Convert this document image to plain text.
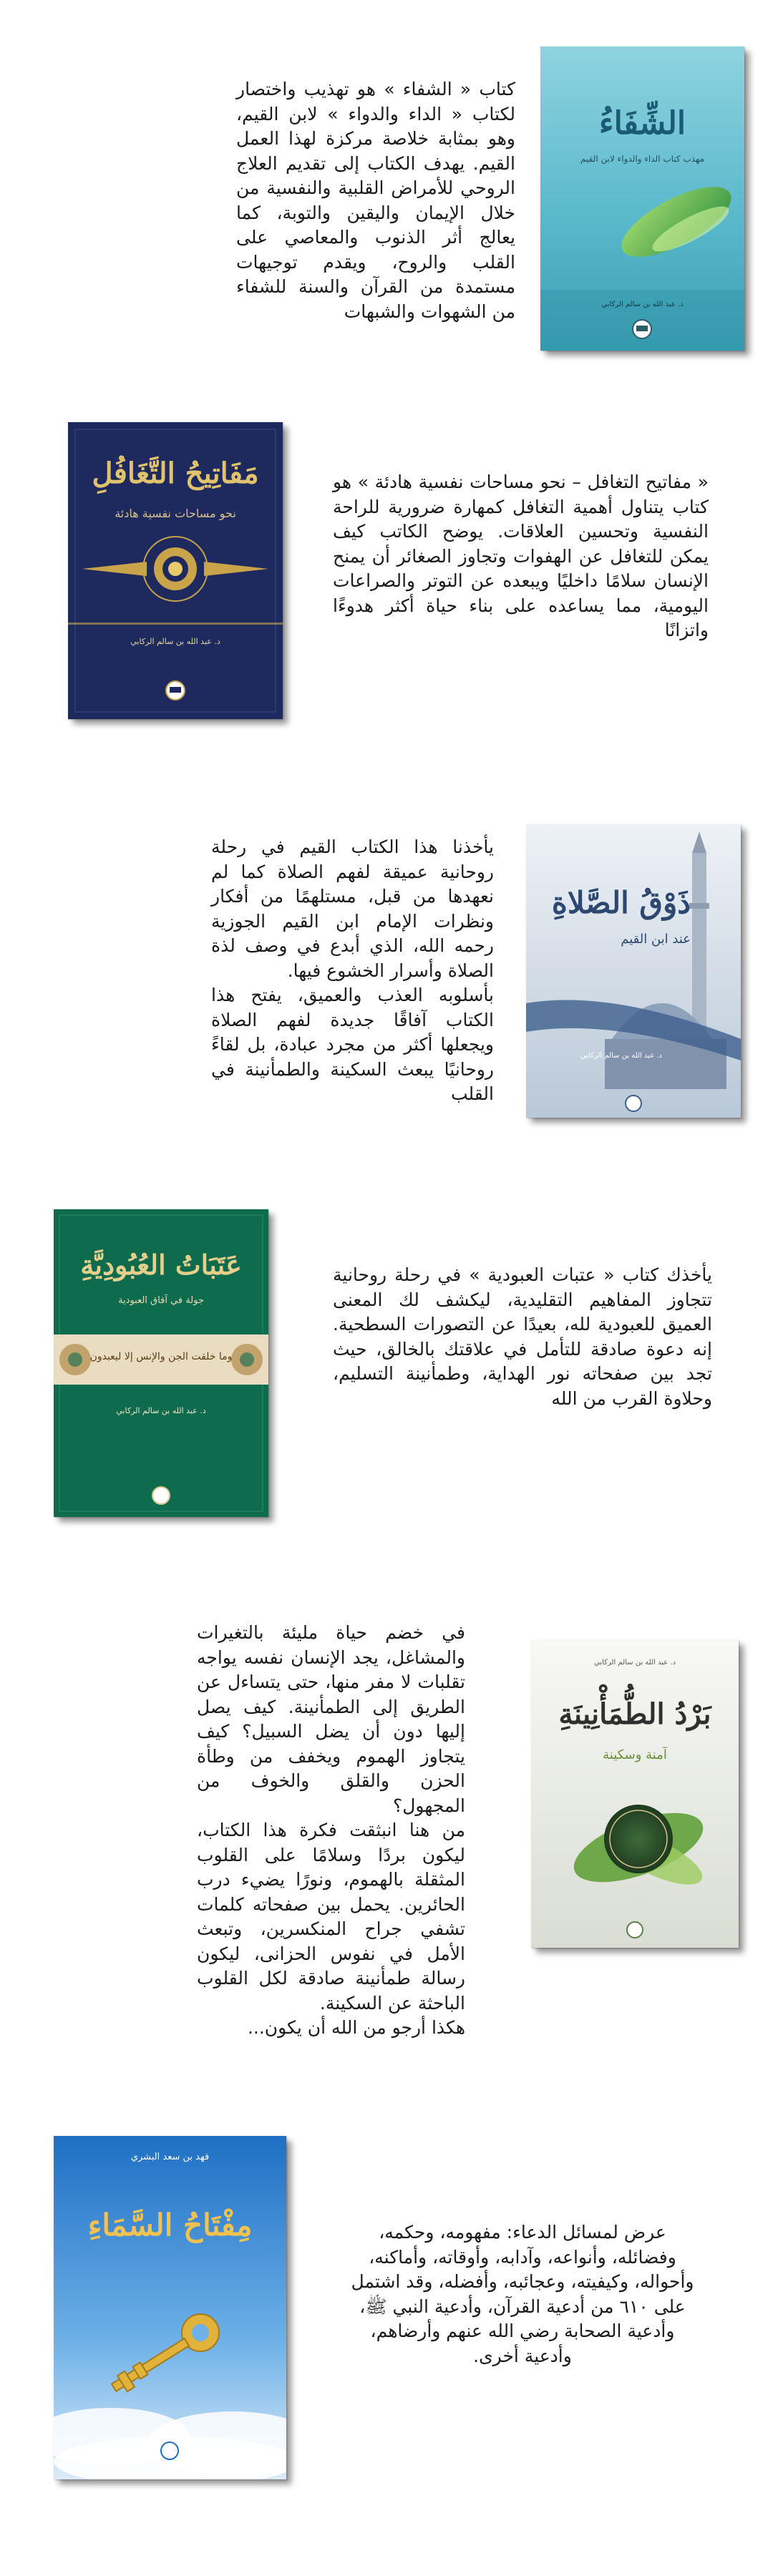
الشِّفَاءُ
مهذب كتاب الداء والدواء لابن القيم
د. عبد الله بن سالم الركابي

كتاب « الشفاء » هو تهذيب واختصار لكتاب « الداء والدواء » لابن القيم، وهو بمثابة خلاصة مركزة لهذا العمل القيم. يهدف الكتاب إلى تقديم العلاج الروحي للأمراض القلبية والنفسية من خلال الإيمان واليقين والتوبة، كما يعالج أثر الذنوب والمعاصي على القلب والروح، ويقدم توجيهات مستمدة من القرآن والسنة للشفاء من الشهوات والشبهات

مَفَاتِيحُ التَّغَافُلِ
نحو مساحات نفسية هادئة
د. عبد الله بن سالم الركابي

« مفاتيح التغافل – نحو مساحات نفسية هادئة » هو كتاب يتناول أهمية التغافل كمهارة ضرورية للراحة النفسية وتحسين العلاقات. يوضح الكاتب كيف يمكن للتغافل عن الهفوات وتجاوز الصغائر أن يمنح الإنسان سلامًا داخليًا ويبعده عن التوتر والصراعات اليومية، مما يساعده على بناء حياة أكثر هدوءًا واتزانًا

ذَوْقُ الصَّلاةِ
عند ابن القيم
د. عبد الله بن سالم الركابي

يأخذنا هذا الكتاب القيم في رحلة روحانية عميقة لفهم الصلاة كما لم نعهدها من قبل، مستلهمًا من أفكار ونظرات الإمام ابن القيم الجوزية رحمه الله، الذي أبدع في وصف لذة الصلاة وأسرار الخشوع فيها.

بأسلوبه العذب والعميق، يفتح هذا الكتاب آفاقًا جديدة لفهم الصلاة ويجعلها أكثر من مجرد عبادة، بل لقاءً روحانيًا يبعث السكينة والطمأنينة في القلب

عَتَبَاتُ العُبُودِيَّةِ
جولة في آفاق العبودية
وما خلقت الجن والإنس إلا ليعبدون
د. عبد الله بن سالم الركابي

يأخذك كتاب « عتبات العبودية » في رحلة روحانية تتجاوز المفاهيم التقليدية، ليكشف لك المعنى العميق للعبودية لله، بعيدًا عن التصورات السطحية. إنه دعوة صادقة للتأمل في علاقتك بالخالق، حيث تجد بين صفحاته نور الهداية، وطمأنينة التسليم، وحلاوة القرب من الله

د. عبد الله بن سالم الركابي
بَرْدُ الطُّمَأْنِينَةِ
آمنة وسكينة

في خضم حياة مليئة بالتغيرات والمشاغل، يجد الإنسان نفسه يواجه تقلبات لا مفر منها، حتى يتساءل عن الطريق إلى الطمأنينة. كيف يصل إليها دون أن يضل السبيل؟ كيف يتجاوز الهموم ويخفف من وطأة الحزن والقلق والخوف من المجهول؟

من هنا انبثقت فكرة هذا الكتاب، ليكون بردًا وسلامًا على القلوب المثقلة بالهموم، ونورًا يضيء درب الحائرين. يحمل بين صفحاته كلمات تشفي جراح المنكسرين، وتبعث الأمل في نفوس الحزانى، ليكون رسالة طمأنينة صادقة لكل القلوب الباحثة عن السكينة.

هكذا أرجو من الله أن يكون...

فهد بن سعد البشري
مِفْتَاحُ السَّمَاءِ	عرض لمسائل الدعاء: مفهومه، وحكمه، وفضائله، وأنواعه، وآدابه، وأوقاته، وأماكنه، وأحواله، وكيفيته، وعجائبه، وأفضله، وقد اشتمل على ٦١٠ من أدعية القرآن، وأدعية النبي ﷺ، وأدعية الصحابة رضي الله عنهم وأرضاهم، وأدعية أخرى.
